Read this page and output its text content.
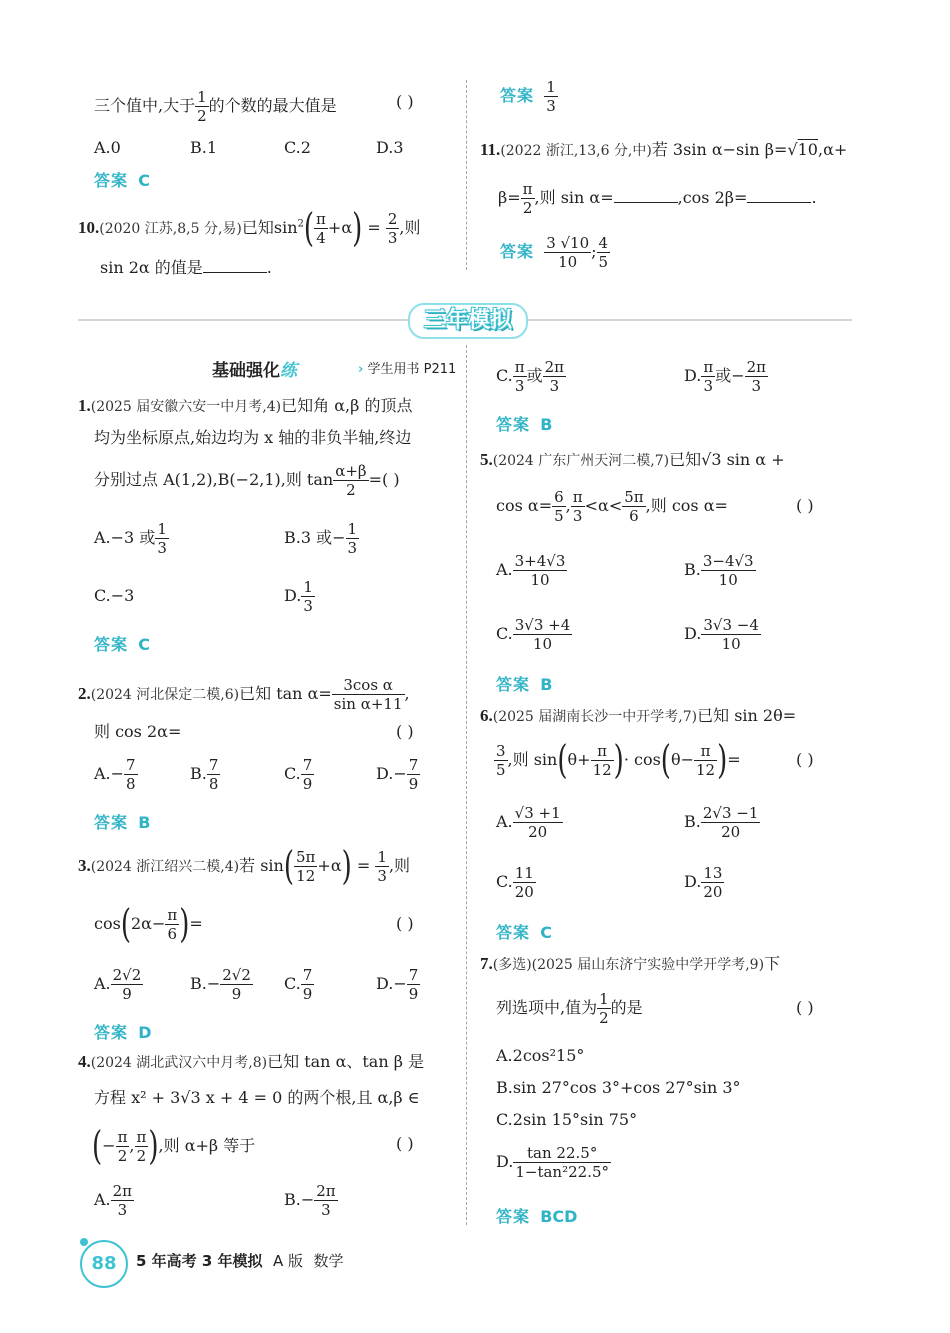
三个值中,大于 $\frac{1}{2}$ 的个数的最大值是	( )
A.0	B.1	C.2	D.3
答案 C
10.(2020 江苏,8,5 分,易)已知$\sin^2( \frac{\pi}{4} +\alpha) = \frac{2}{3}$ ,则
sin 2α 的值是	.
答案 $\frac{1}{3}$
11.(2022 浙江,13,6 分,中)若 3sin α−sin β=√10,α+
$\beta= \frac{\pi}{2}$ ,则 sin α=	,cos 2β=	.
答案 $\frac{3 √10}{10}$ ; $\frac{4}{5}$
三年模拟
基础强化练	› 学生用书 P211
1.(2025 届安徽六安一中月考,4)已知角 α,β 的顶点
均为坐标原点,始边均为 x 轴的非负半轴,终边
分别过点 A(1,2),B(−2,1),则 $\tan \frac{\alpha+\beta}{2}$ =( )
A.−3 或 $\frac{1}{3}$	B.3 或− $\frac{1}{3}$
C.−3	D. $\frac{1}{3}$
答案 C
2.(2024 河北保定二模,6)已知 $\tan \alpha= \frac{\text{3cos α}}{\text{sin α+11}}$ ,
则 cos 2α=	( )
$A.- \frac{7}{8}$	B. $\frac{7}{8}$	C. $\frac{7}{9}$	$D.- \frac{7}{9}$
答案 B
3.(2024 浙江绍兴二模,4)若 $\sin( \frac{5\pi}{12} +\alpha) = \frac{1}{3}$ ,则
$\cos(2\alpha- \frac{\pi}{6}$ )=	( )
A. $\frac{2√2}{9}$	$B.- \frac{2√2}{9} C$. $\frac{7}{9}$	$D.- \frac{7}{9}$
答案 D
4.(2024 湖北武汉六中月考,8)已知 tan α、tan β 是
方程 x² + 3√3 x + 4 = 0 的两个根,且 α,β ∈
(− $\frac{\pi}{2}$ , $\frac{\pi}{2}$ ),则 α+β 等于	( )
A. $\frac{2\pi}{3}$	$B.- \frac{2\pi}{3}$
C. $\frac{\pi}{3}$ 或 $\frac{2\pi}{3}$	D. $\frac{\pi}{3}$ 或− $\frac{2\pi}{3}$
答案 B
5.(2024 广东广州天河二模,7)已知√3 sin α +
$\cos \alpha= \frac{6}{5}$ , $\frac{\pi}{3} <\alpha< \frac{5\pi}{6}$ ,则 cos α=	( )
A. $\frac{3+4√3}{10}$	B. $\frac{3-4√3}{10}$
C. $\frac{3√3 +4}{10}$	D. $\frac{3√3 -4}{10}$
答案 B
6.(2025 届湖南长沙一中开学考,7)已知 sin 2θ=
$\frac{3}{5}$ ,则 $\sin(\theta+ \frac{\pi}{12}$ )· $\cos(\theta- \frac{\pi}{12}$ )=	( )
A. $\frac{√3 +1}{20}$	B. $\frac{2√3 -1}{20}$
C. $\frac{11}{20}$	D. $\frac{13}{20}$
答案 C
7.(多选)(2025 届山东济宁实验中学开学考,9)下
列选项中,值为 $\frac{1}{2}$ 的是	( )
A.2cos²15°
B.sin 27°cos 3°+cos 27°sin 3°
C.2sin 15°sin 75°
D. $\frac{\tan 22.5^\circ}{\text{1−tan²22.5°}}$
答案 BCD
88	5 年高考 3 年模拟 A 版 数学
